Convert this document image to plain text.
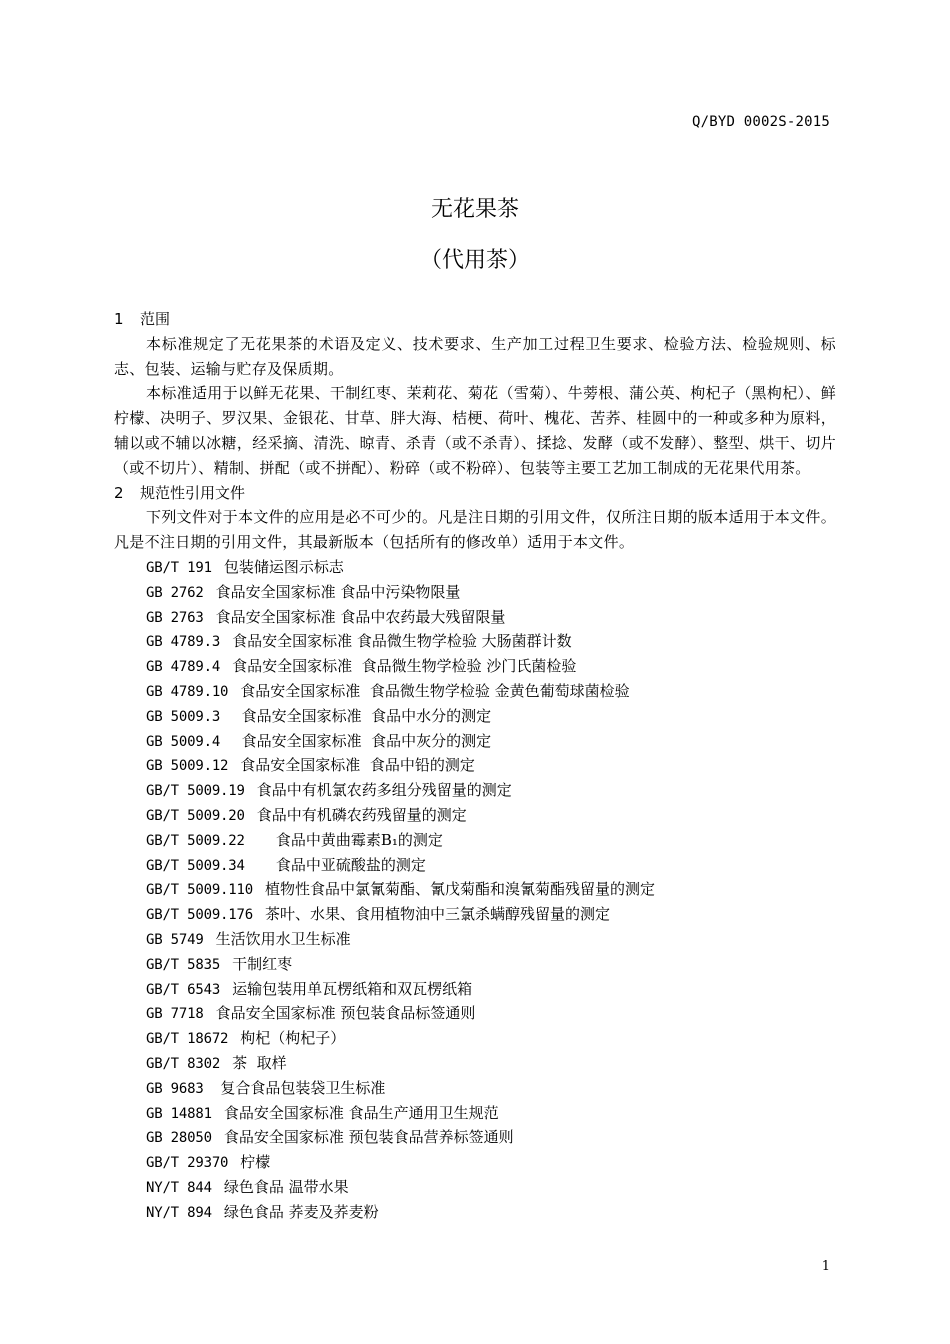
Q/BYD 0002S-2015
无花果茶
（代用茶）
1 范围

本标准规定了无花果茶的术语及定义、技术要求、生产加工过程卫生要求、检验方法、检验规则、标志、包装、运输与贮存及保质期。

本标准适用于以鲜无花果、干制红枣、茉莉花、菊花（雪菊）、牛蒡根、蒲公英、枸杞子（黑枸杞）、鲜柠檬、决明子、罗汉果、金银花、甘草、胖大海、桔梗、荷叶、槐花、苦荞、桂圆中的一种或多种为原料，辅以或不辅以冰糖，经采摘、清洗、晾青、杀青（或不杀青）、揉捻、发酵（或不发酵）、整型、烘干、切片（或不切片）、精制、拼配（或不拼配）、粉碎（或不粉碎）、包装等主要工艺加工制成的无花果代用茶。

2 规范性引用文件

下列文件对于本文件的应用是必不可少的。凡是注日期的引用文件，仅所注日期的版本适用于本文件。凡是不注日期的引用文件，其最新版本（包括所有的修改单）适用于本文件。

GB/T 191 包装储运图示标志
GB 2762 食品安全国家标准 食品中污染物限量
GB 2763 食品安全国家标准 食品中农药最大残留限量
GB 4789.3 食品安全国家标准 食品微生物学检验 大肠菌群计数
GB 4789.4 食品安全国家标准  食品微生物学检验 沙门氏菌检验
GB 4789.10 食品安全国家标准  食品微生物学检验 金黄色葡萄球菌检验
GB 5009.3  食品安全国家标准  食品中水分的测定
GB 5009.4  食品安全国家标准  食品中灰分的测定
GB 5009.12 食品安全国家标准  食品中铅的测定
GB/T 5009.19 食品中有机氯农药多组分残留量的测定
GB/T 5009.20 食品中有机磷农药残留量的测定
GB/T 5009.22    食品中黄曲霉素B₁的测定
GB/T 5009.34    食品中亚硫酸盐的测定
GB/T 5009.110 植物性食品中氯氰菊酯、氰戊菊酯和溴氰菊酯残留量的测定
GB/T 5009.176 茶叶、水果、食用植物油中三氯杀螨醇残留量的测定
GB 5749 生活饮用水卫生标准
GB/T 5835 干制红枣
GB/T 6543 运输包装用单瓦楞纸箱和双瓦楞纸箱
GB 7718 食品安全国家标准 预包装食品标签通则
GB/T 18672 枸杞（枸杞子）
GB/T 8302 茶  取样
GB 9683 复合食品包装袋卫生标准
GB 14881 食品安全国家标准 食品生产通用卫生规范
GB 28050 食品安全国家标准 预包装食品营养标签通则
GB/T 29370 柠檬
NY/T 844 绿色食品 温带水果
NY/T 894 绿色食品 荞麦及荞麦粉
1
